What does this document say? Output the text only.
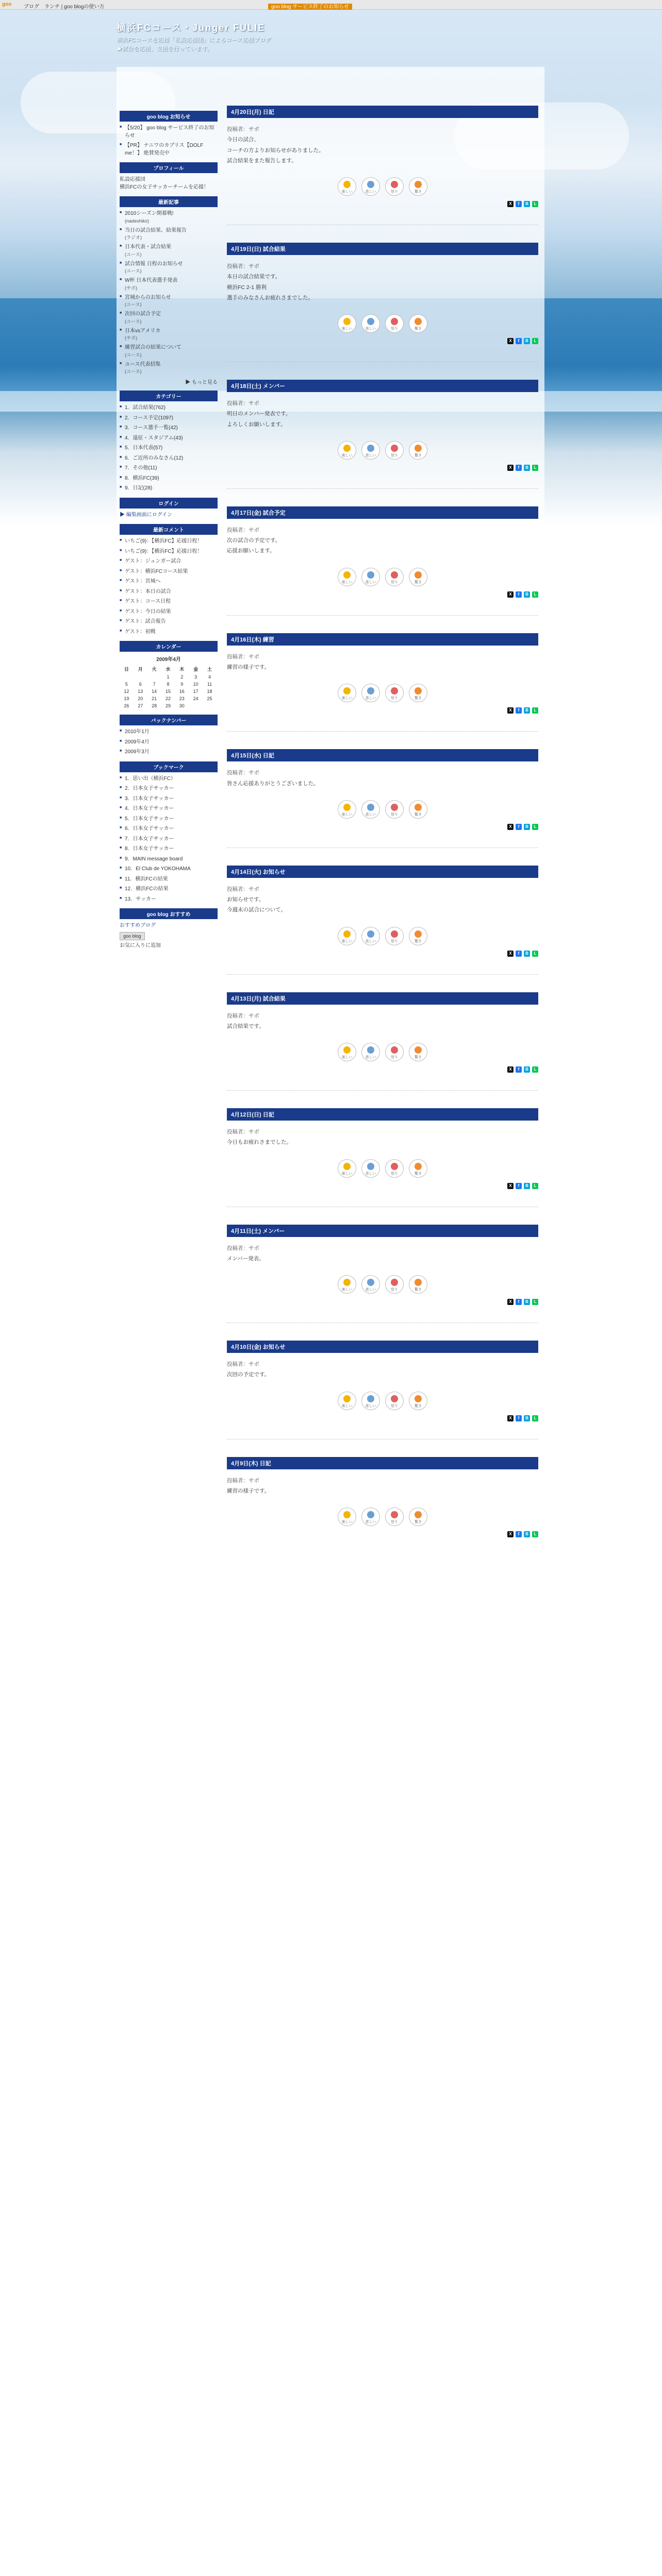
goo ブログ　ランチ | goo blogの使い方	goo blog サービス終了のお知らせ
横浜FCコース・Junger FULIE
横浜FCコースを応援「私設応援団」によるコース応援ブログ
★試合を応援、支援を行っています。
goo blog お知らせ
■ 【5/20】 goo blog サービス終了のお知らせ
■ 【PR】 ナニワのカプリス【DOLF me！】 絶賛発売中
プロフィール
私設応援団
横浜FCの女子サッカーチームを応援！
最新記事
■ 2010シーズン開幕戦!
(nadeshiko)
■ 当日の試合結果、結果報告
(ラジオ)
■ 日本代表・試合結果
(ユース)
■ 試合情報 日程のお知らせ
(ユース)
■ W杯 日本代表選手発表
(サポ)
■ 宮城からのお知らせ
(ユース)
■ 次回の試合予定
(ユース)
■ 日本vsアメリカ
(サポ)
■ 練習試合の結果について
(ユース)
■ ユース代表招集
(ユース)
▶ もっと見る
カテゴリー
■ 1．試合結果(762)
■ 2．コース予定(1097)
■ 3．コース選手一覧(42)
■ 4．遠征・スタジアム(43)
■ 5．日本代表(57)
■ 6．ご近所のみなさん(12)
■ 7．その他(11)
■ 8．横浜FC(39)
■ 9．日記(28)
ログイン
▶ 編集画面にログイン
最新コメント
■ いちご(9)：【横浜FC】応援日程！
■ いちご(9)：【横浜FC】応援日程！
■ ゲスト：ジュンガー試合
■ ゲスト：横浜FCコース結果
■ ゲスト：宮城へ
■ ゲスト：本日の試合
■ ゲスト：コース日程
■ ゲスト：今日の結果
■ ゲスト：試合報告
■ ゲスト：初戦
カレンダー
2009年4月
日	月	火	水	木	金	土
			1	2	3	4
5	6	7	8	9	10	11
12	13	14	15	16	17	18
19	20	21	22	23	24	25
26	27	28	29	30		
バックナンバー
■ 2010年1月
■ 2009年4月
■ 2009年3月
ブックマーク
■ 1．思い出（横浜FC）
■ 2．日本女子サッカー
■ 3．日本女子サッカー
■ 4．日本女子サッカー
■ 5．日本女子サッカー
■ 6．日本女子サッカー
■ 7．日本女子サッカー
■ 8．日本女子サッカー
■ 9．MAIN message board
■ 10．El Club de YOKOHAMA
■ 11．横浜FCの結果
■ 12．横浜FCの結果
■ 13．サッカー
goo blog おすすめ
おすすめブログ
goo blog
お気に入りに追加
4月20日(月) 日記

投稿者：サポ

今日の試合、

コーチの方よりお知らせがありました。

試合結果をまた報告します。

楽しい	悲しい	怒り	驚き
X	f	B	L
4月19日(日) 試合結果

投稿者：サポ

本日の試合結果です。

横浜FC 2-1 勝利

選手のみなさんお疲れさまでした。

楽しい	悲しい	怒り	驚き
X	f	B	L
4月18日(土) メンバー

投稿者：サポ

明日のメンバー発表です。

よろしくお願いします。

楽しい	悲しい	怒り	驚き
X	f	B	L
4月17日(金) 試合予定

投稿者：サポ

次の試合の予定です。

応援お願いします。

楽しい	悲しい	怒り	驚き
X	f	B	L
4月16日(木) 練習

投稿者：サポ

練習の様子です。

楽しい	悲しい	怒り	驚き
X	f	B	L
4月15日(水) 日記

投稿者：サポ

皆さん応援ありがとうございました。

楽しい	悲しい	怒り	驚き
X	f	B	L
4月14日(火) お知らせ

投稿者：サポ

お知らせです。

今週末の試合について。

楽しい	悲しい	怒り	驚き
X	f	B	L
4月13日(月) 試合結果

投稿者：サポ

試合結果です。

楽しい	悲しい	怒り	驚き
X	f	B	L
4月12日(日) 日記

投稿者：サポ

今日もお疲れさまでした。

楽しい	悲しい	怒り	驚き
X	f	B	L
4月11日(土) メンバー

投稿者：サポ

メンバー発表。

楽しい	悲しい	怒り	驚き
X	f	B	L
4月10日(金) お知らせ

投稿者：サポ

次回の予定です。

楽しい	悲しい	怒り	驚き
X	f	B	L
4月9日(木) 日記

投稿者：サポ

練習の様子です。

楽しい	悲しい	怒り	驚き
X	f	B	L
